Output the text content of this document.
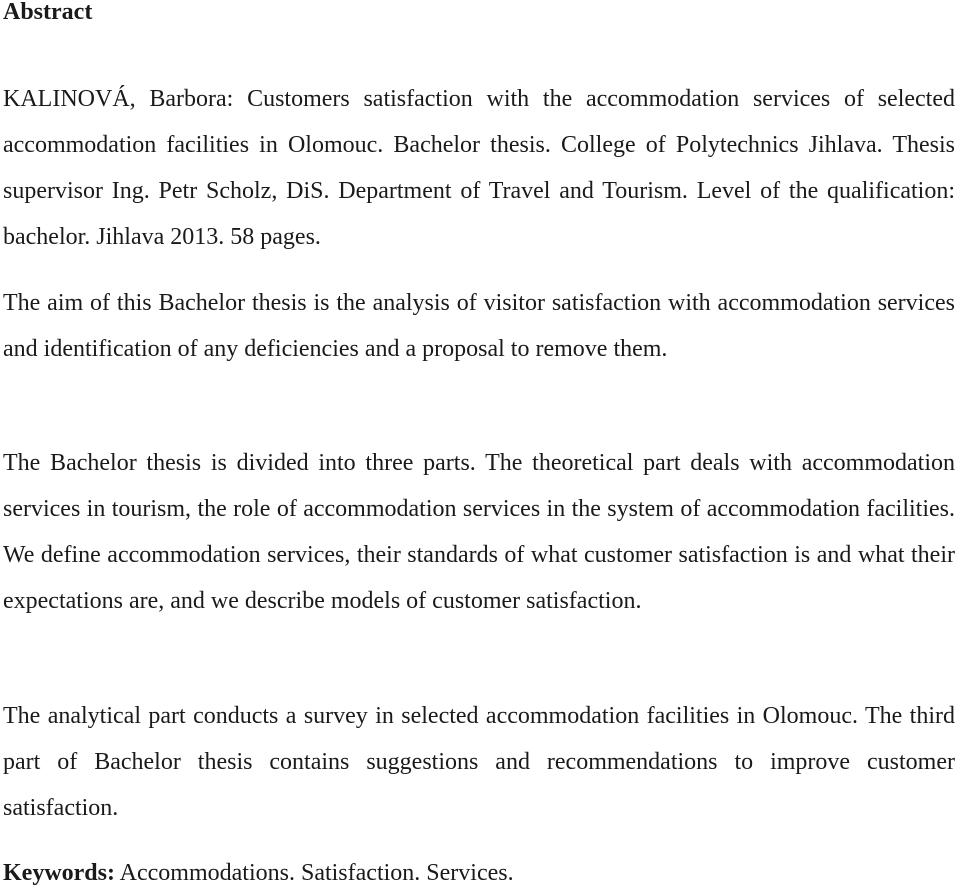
Abstract

KALINOVÁ, Barbora: Customers satisfaction with the accommodation services of selected accommodation facilities in Olomouc. Bachelor thesis. College of Polytechnics Jihlava. Thesis supervisor Ing. Petr Scholz, DiS. Department of Travel and Tourism. Level of the qualification: bachelor. Jihlava 2013. 58 pages.

The aim of this Bachelor thesis is the analysis of visitor satisfaction with accommodation services and identification of any deficiencies and a proposal to remove them.

The Bachelor thesis is divided into three parts. The theoretical part deals with accommodation services in tourism, the role of accommodation services in the system of accommodation facilities. We define accommodation services, their standards of what customer satisfaction is and what their expectations are, and we describe models of customer satisfaction.

The analytical part conducts a survey in selected accommodation facilities in Olomouc. The third part of Bachelor thesis contains suggestions and recommendations to improve customer satisfaction.

Keywords: Accommodations. Satisfaction. Services.
